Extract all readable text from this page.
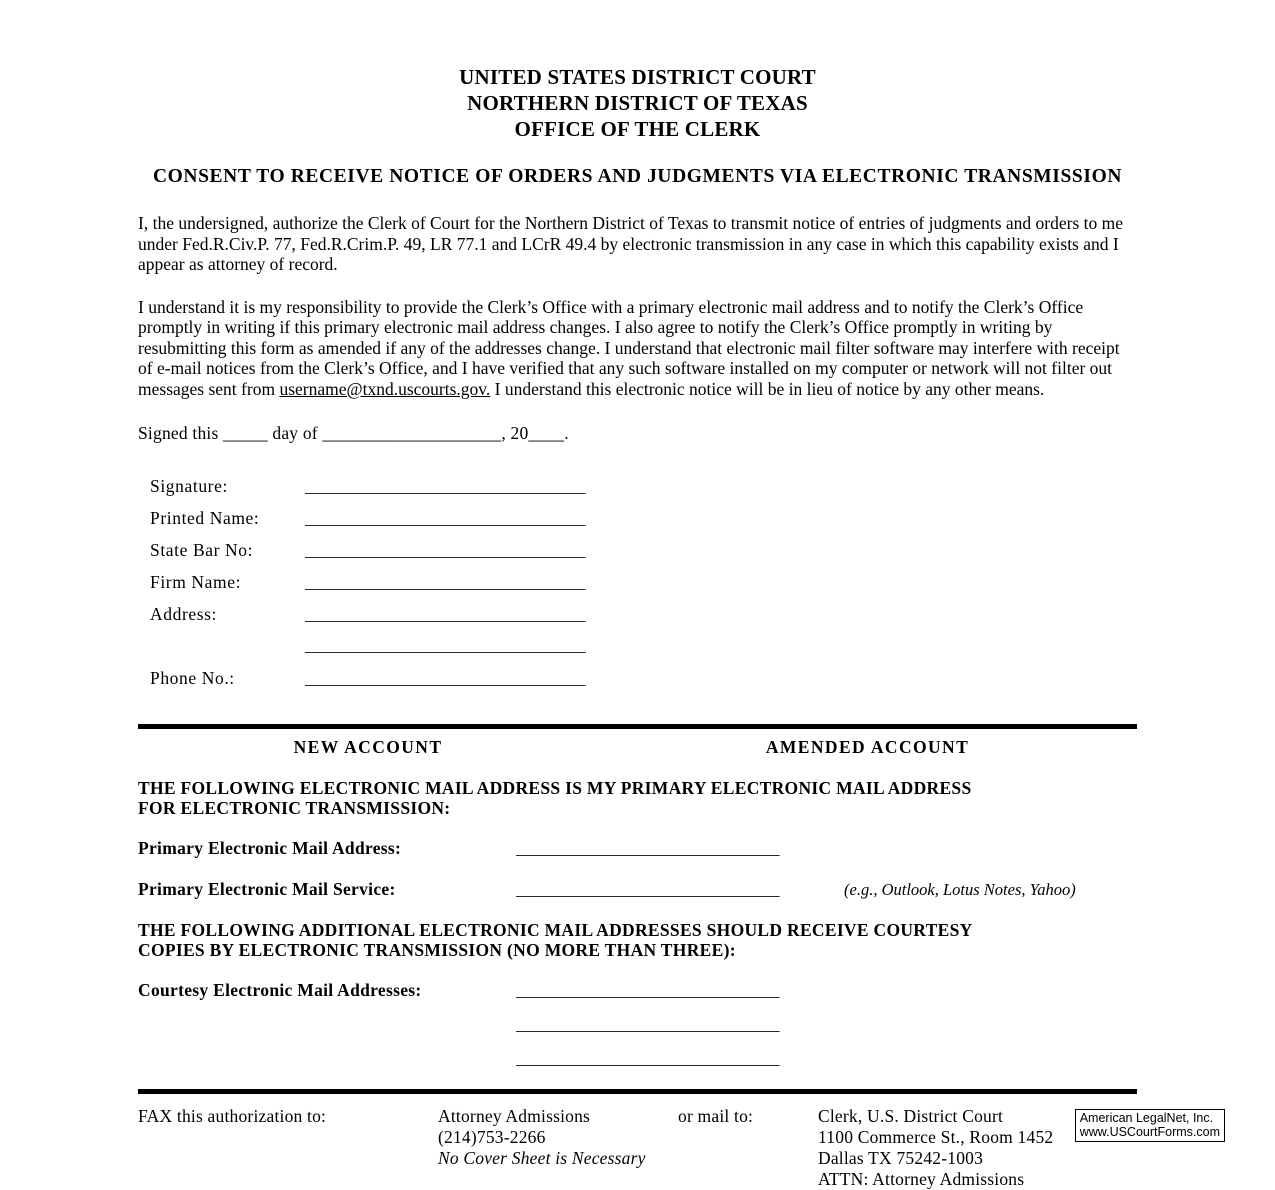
UNITED STATES DISTRICT COURT
NORTHERN DISTRICT OF TEXAS
OFFICE OF THE CLERK
CONSENT TO RECEIVE NOTICE OF ORDERS AND JUDGMENTS VIA ELECTRONIC TRANSMISSION

I, the undersigned, authorize the Clerk of Court for the Northern District of Texas to transmit notice of entries of judgments and orders to me under Fed.R.Civ.P. 77, Fed.R.Crim.P. 49, LR 77.1 and LCrR 49.4 by electronic transmission in any case in which this capability exists and I appear as attorney of record.

I understand it is my responsibility to provide the Clerk’s Office with a primary electronic mail address and to notify the Clerk’s Office promptly in writing if this primary electronic mail address changes. I also agree to notify the Clerk’s Office promptly in writing by resubmitting this form as amended if any of the addresses change. I understand that electronic mail filter software may interfere with receipt of e-mail notices from the Clerk’s Office, and I have verified that any such software installed on my computer or network will not filter out messages sent from username@txnd.uscourts.gov. I understand this electronic notice will be in lieu of notice by any other means.

Signed this _____ day of ____________________, 20____.
Signature:	_________________________________
Printed Name:	_________________________________
State Bar No:	_________________________________
Firm Name:	_________________________________
Address:	_________________________________
_________________________________
Phone No.:	_________________________________
NEW ACCOUNT	AMENDED ACCOUNT
THE FOLLOWING ELECTRONIC MAIL ADDRESS IS MY PRIMARY ELECTRONIC MAIL ADDRESS
FOR ELECTRONIC TRANSMISSION:
Primary Electronic Mail Address:	_______________________________
Primary Electronic Mail Service:	_______________________________	(e.g., Outlook, Lotus Notes, Yahoo)
THE FOLLOWING ADDITIONAL ELECTRONIC MAIL ADDRESSES SHOULD RECEIVE COURTESY
COPIES BY ELECTRONIC TRANSMISSION (NO MORE THAN THREE):
Courtesy Electronic Mail Addresses:	_______________________________
_______________________________
_______________________________
FAX this authorization to:	Attorney Admissions
(214)753-2266
No Cover Sheet is Necessary
or mail to:	Clerk, U.S. District Court
1100 Commerce St., Room 1452
Dallas TX 75242-1003
ATTN: Attorney Admissions
American LegalNet, Inc.
www.USCourtForms.com
